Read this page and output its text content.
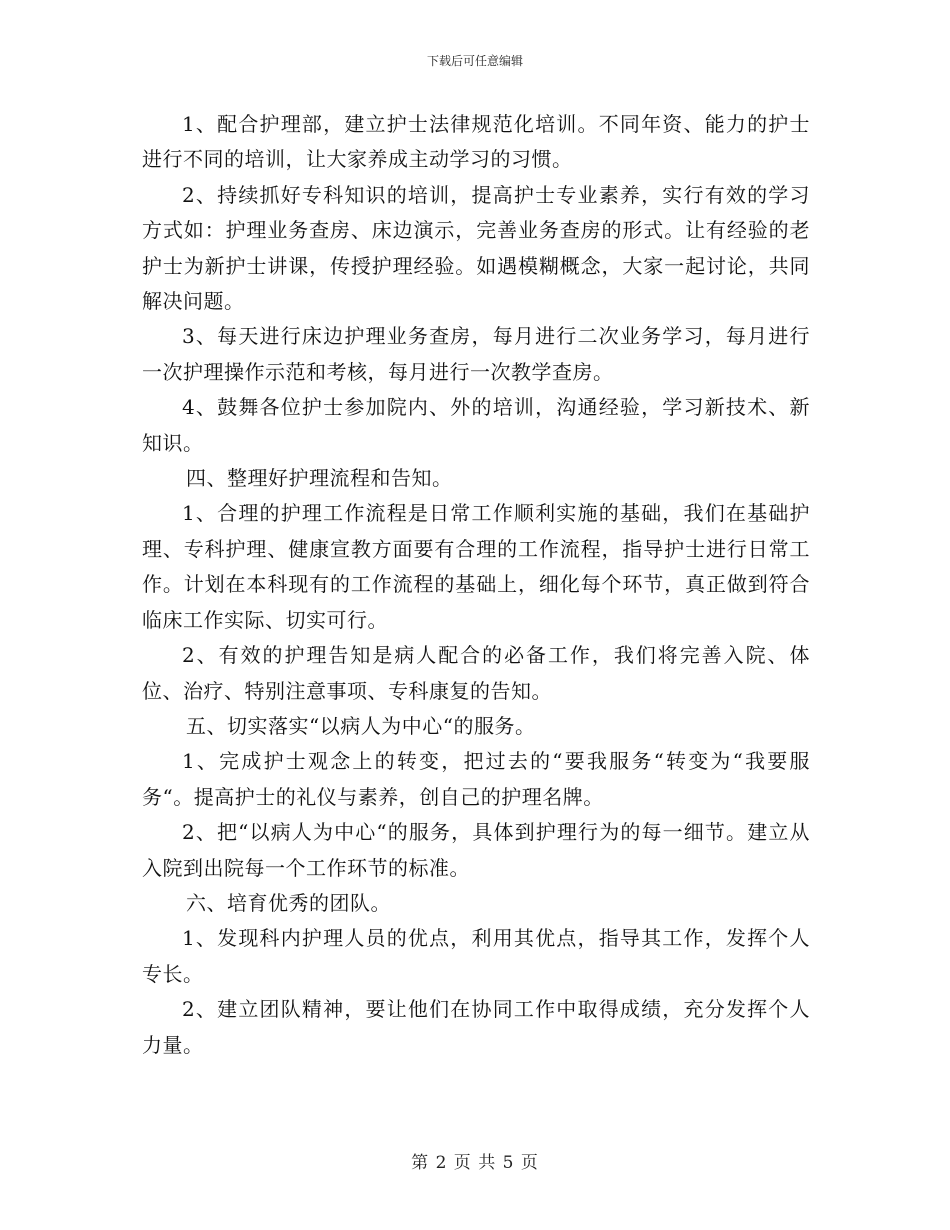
下载后可任意编辑

1、配合护理部，建立护士法律规范化培训。不同年资、能力的护士进行不同的培训，让大家养成主动学习的习惯。

2、持续抓好专科知识的培训，提高护士专业素养，实行有效的学习方式如：护理业务查房、床边演示，完善业务查房的形式。让有经验的老护士为新护士讲课，传授护理经验。如遇模糊概念，大家一起讨论，共同解决问题。

3、每天进行床边护理业务查房，每月进行二次业务学习，每月进行一次护理操作示范和考核，每月进行一次教学查房。

4、鼓舞各位护士参加院内、外的培训，沟通经验，学习新技术、新知识。

四、整理好护理流程和告知。

1、合理的护理工作流程是日常工作顺利实施的基础，我们在基础护理、专科护理、健康宣教方面要有合理的工作流程，指导护士进行日常工作。计划在本科现有的工作流程的基础上，细化每个环节，真正做到符合临床工作实际、切实可行。

2、有效的护理告知是病人配合的必备工作，我们将完善入院、体位、治疗、特别注意事项、专科康复的告知。

五、切实落实“以病人为中心“的服务。

1、完成护士观念上的转变，把过去的“要我服务“转变为“我要服务“。提高护士的礼仪与素养，创自己的护理名牌。

2、把“以病人为中心“的服务，具体到护理行为的每一细节。建立从入院到出院每一个工作环节的标准。

六、培育优秀的团队。

1、发现科内护理人员的优点，利用其优点，指导其工作，发挥个人专长。

2、建立团队精神，要让他们在协同工作中取得成绩，充分发挥个人力量。

第 2 页 共 5 页
